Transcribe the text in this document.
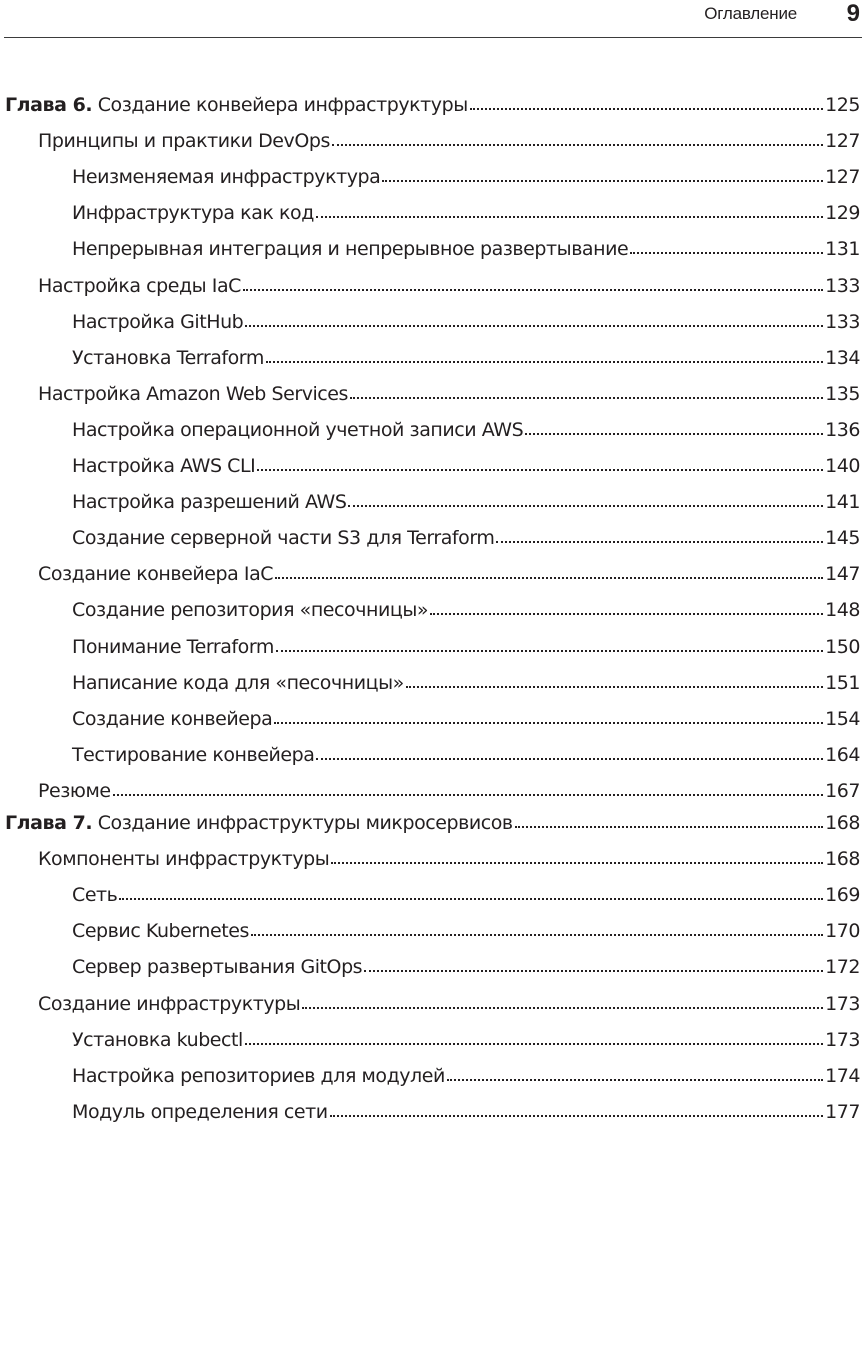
Оглавление 9
Глава 6. Создание конвейера инфраструктуры	125
Принципы и практики DevOps	127
Неизменяемая инфраструктура	127
Инфраструктура как код	129
Непрерывная интеграция и непрерывное развертывание	131
Настройка среды IaC	133
Настройка GitHub	133
Установка Terraform	134
Настройка Amazon Web Services	135
Настройка операционной учетной записи AWS	136
Настройка AWS CLI	140
Настройка разрешений AWS	141
Создание серверной части S3 для Terraform	145
Создание конвейера IaC	147
Создание репозитория «песочницы»	148
Понимание Terraform	150
Написание кода для «песочницы»	151
Создание конвейера	154
Тестирование конвейера	164
Резюме	167
Глава 7. Создание инфраструктуры микросервисов	168
Компоненты инфраструктуры	168
Сеть	169
Сервис Kubernetes	170
Сервер развертывания GitOps	172
Создание инфраструктуры	173
Установка kubectl	173
Настройка репозиториев для модулей	174
Модуль определения сети	177
